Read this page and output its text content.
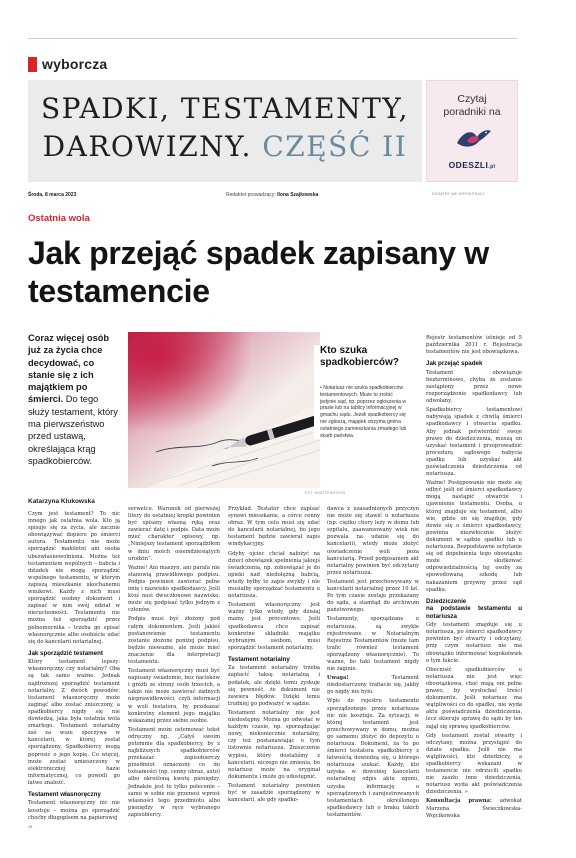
wyborcza
SPADKI, TESTAMENTY,
DAROWIZNY. CZĘŚĆ II
Czytaj
poradniki na
ODESZLI.pl
Środa, 8 marca 2023	Redaktor prowadzący: Ilona Szajkowska	DODATEK WE WSPÓŁPRACY
Ostatnia wola
Jak przejąć spadek zapisany w testamencie
Coraz więcej osób już za życia chce decydować, co stanie się z ich majątkiem po śmierci. Do tego służy testament, który ma pierwszeństwo przed ustawą, określająca krąg spadkobierców.
FOT. SHUTTERSTOCK
Kto szuka spadkobierców?
• Notariusz nie szuka spadkobierców testamentowych. Może to zrobić jedynie sąd, np. poprzez ogłoszenia w prasie lub na tablicy informacyjnej w gmachu sądu. Jeżeli spadkobiercy się nie zgłoszą, majątek otrzyma gmina ostatniego zamieszkania zmarłego lub skarb państwa.
Katarzyna Klukowska

Czym jest testament? To nic innego jak ostatnia wola. Kto ją spisuje się za życia, ale zacznie obowiązywać dopiero po śmierci autora. Testamentu nie może sporządzić małoletni ani osoba ubezwłasnowolniona. Można też testamentem wspólnych – babcia i dziadek nie mogą sporządzić wspólnego testamentu, w którym zapiszą mieszkanie ukochanemu wnukowi. Każdy z nich musi sporządzić osobny dokument i zapisać w nim swój udział w nieruchomości. Testamentu nie można też sporządzić przez pełnomocnika – trzeba go spisać własnoręcznie albo osobiście udać się do kancelarii notarialnej.

Jak sporządzić testament

Który testament lepszy: własnoręczny czy notarialny? Oba są tak samo ważne. Jednak najdroższej sporządzić testament notarialny. Z dwóch powodów: testament własnoręczny może zaginąć albo zostać zniszczony, a spadkobiercy nigdy się nie dowiedzą, jaka była ostatnia wola zmarłego. Testament notarialny zaś za wsze spoczywa w kancelarii, w której został sporządzony. Spadkobiercy mogą poprosić o jego kopię. Co więcej, może zostać umieszczony w elektronicznej bazie informatycznej, co powodi go łatwo znaleźć.

Testament własnoręczny

Testament własnoręczny nic nie kosztuje – można go sporządzić choćby długopisem na papierowej

serwetce. Warunek od pierwszej litery do ostatniej kropki powinien być spisany własną ręką oraz zawierać datę i podpis. Data może mieć charakter opisowy, np. „Niniejszy testament sporządziłem w dniu moich osiemdziesiątych urodzin”.

Ważne! Ani maszyn, ani parafa nie stanowią prawidłowego podpisu. Podpis powinien zawierać pełne imię i nazwisko spadkodawcy. Jeśli ktoś nosi dwuczłonowe nazwisko, może się podpisać tylko jednym z członów.

Podpis musi być złożony pod całym dokumentem. Jeśli jakieś postanowienie testamentu zostanie złożone poniżej podpisu, będzie nieważne, ale może mieć znaczenie dla interpretacji testamentu.

Testament własnoręczny musi być napisany świadomie, bez nacisków i gróźb ze strony osób trzecich, a także nie może zawierać żadnych nieprawidłowości, czyli informacji w woli testatora, by przekazać konkretny element jego majątku wskazanej przez siebie osobie.

Testament może ostemować tekst odręczny np. „Całyś swoim potomnie dla spadkobiercy, by z najbliższych spadkobierców przekazać zapisobierczy przedmiot oznaczony co do tożsamości (np. cenny obraz, auto) albo określoną kwotę pieniędzy. Jednakże jest to tylko polecenie – samo w sobie nie przenosi wprost własności tego przedmiotu albo pieniędzy w ręce wybranego zapisobiercy.

Przykład. Testator chce zapisać synowi mieszkanie, a córce cenny obraz. W tym celu musi się udać do kancelarii notarialnej, bo jego testament będzie zawierał zapis windykacyjny.

Gdyby ojciec chciał nałożyć na dzieci obowiązek spełnienia jakiejś świadczenia, np. zobowiązać je do opieki nad niedołężną babcią, wtedy byłby to zapis zwykły i nie musiałby sporządzać testamentu u notariusza.

Testament własnoręczny jest ważny tylko wtedy, gdy dzisiaj mamy jest procentowo. Jeśli spadkodawca chce zapisać konkretne składniki majątku wybranym osobom, musi sporządzić testament notarialny.

Testament notarialny

Za testament notarialny trzeba zapłacić taksę notarialną i podatek, ale dzięki temu zyskuje się pewność, że dokument nie zawiera błędów. Dzięki temu trudniej go podważyć w sądzie.

Testament notarialny nie jest niedostępny. Można go odwołać w każdym czasie, np. sporządzając nowy, niekoniecznie notarialny, czy też postanawiając o tym listownie notariusza. Zniszczenie wypisu, który dostaliśmy z kancelarii, niczego nie zmienia, bo notariusz może na oryginał dokumentu i może go udostępnić.

Testament notarialny powinien być w zasadzie sporządzony w kancelarii, ale gdy spadko-

dawca z uzasadnionych przyczyn nie może się stawić u notariusza (np. ciężko chory leży w domu lub szpitalu, zaawansowany wiek nie pozwala na udanie się do kancelarii), wtedy może złożyć oświadczenie woli poza kancelarią. Przed podpisaniem akt notarialny powinien być odczytany przez notariusza.

Testament jest przechowywany w kancelarii notarialnej przez 10 lat. Po tym czasie zostaje przekazany do sądu, a stamtąd do archiwum państwowego.

Testamenty, sporządzane u notariusza, są zwykle rejestrowane w Notarialnym Rejestrze Testamentów (może tam trafić również testament sporządzony własnoręcznie). To ważne, bo taki testament nigdy nie zaginie.

Uwaga! Testament niedostarczony trafiacie się, jakby go nigdy nie było.

Wpis do rejestru testamentu sporządzonego przez notariusza nic nie kosztuje. Za sytuacji, w której testament jest przechowywany w domu, można go samemu złożyć do depozytu u notariusza. Dokument, za to po śmierci testatora spadkobiercy z łatwością dowiedzą się, u którego notariusza szukać. Każdy, kto uzyska w dowolnej kancelarii notarialnej odpis aktu zgonu, uzyska informację o sporządzonych i zarejestrowanych testamentach określonego spadkodawcy lub o braku takich testamentów.

Rejestr testamentów istnieje od 5 października 2011 r. Rejestracja testamentów nie jest obowiązkowa.

Jak przejąć spadek

Testament obowiązuje bezterminowo, chyba że zostanie zastąpiony przez nowe rozporządzenie spadkodawcy lub odwołany.

Spadkobiercy testamentowi nabywają spadek z chwilą śmierci spadkodawcy i otwarcia spadku. Aby jednak potwierdzić swoje prawo do dziedziczenia, muszą on uzyskać testament i przeprowadzić procedurę sądowego nabycia spadku lub uzyskać akt poświadczenia dziedziczenia od notariusza.

Ważne! Postępowanie nie może się odbyć jeśli od śmierci spadkodawcy mogą nastąpić otwarcie i ujawnienie testamentu. Osoba, u której znajduje się testament, albo wie, gdzie on się znajduje, gdy dowie się o śmierci spadkodawcy, powinna niezwłocznie złożyć dokument w sądzie spadku lub u notariusza. Bezpodstawne uchylanie się od dopełnienia tego obowiązku może skutkować odpowiedzialnością tej osoby za spowodowaną szkodę lub nakazaniem grzywny przez sąd spadku.

Dziedziczenie
na podstawie testamentu u notariusza

Gdy testament znajduje się u notariusza, po śmierci spadkodawcy powinien być otwarty i odczytany, przy czym notariusz nie ma obowiązku informować kogokolwiek o tym fakcie.

Obecność spadkobierców u notariusza nie jest więc obowiązkowa, choć mają oni pełne prawo, by wysłuchać treści dokumentu. Jeśli notariusz ma wątpliwości co do spadku, nie wyda aktu poświadczenia dziedziczenia, lecz skieruje sprawę do sądu by ten zajął się sprawą spadkobierców.

Gdy testament został otwarty i odczytany, można przystąpić do działu spadku. Jeśli nie ma wątpliwości, kto dziedziczy, a spadkobiercy wskazani w testamencie nie odrzucili spadku nie zaszło inne dziedziczenia, notariusz wyda akt poświadczenia dziedziczenia. »

Konsultacja prawna: adwokat Marzena Świeczkowska-Wojcikowska

2B
